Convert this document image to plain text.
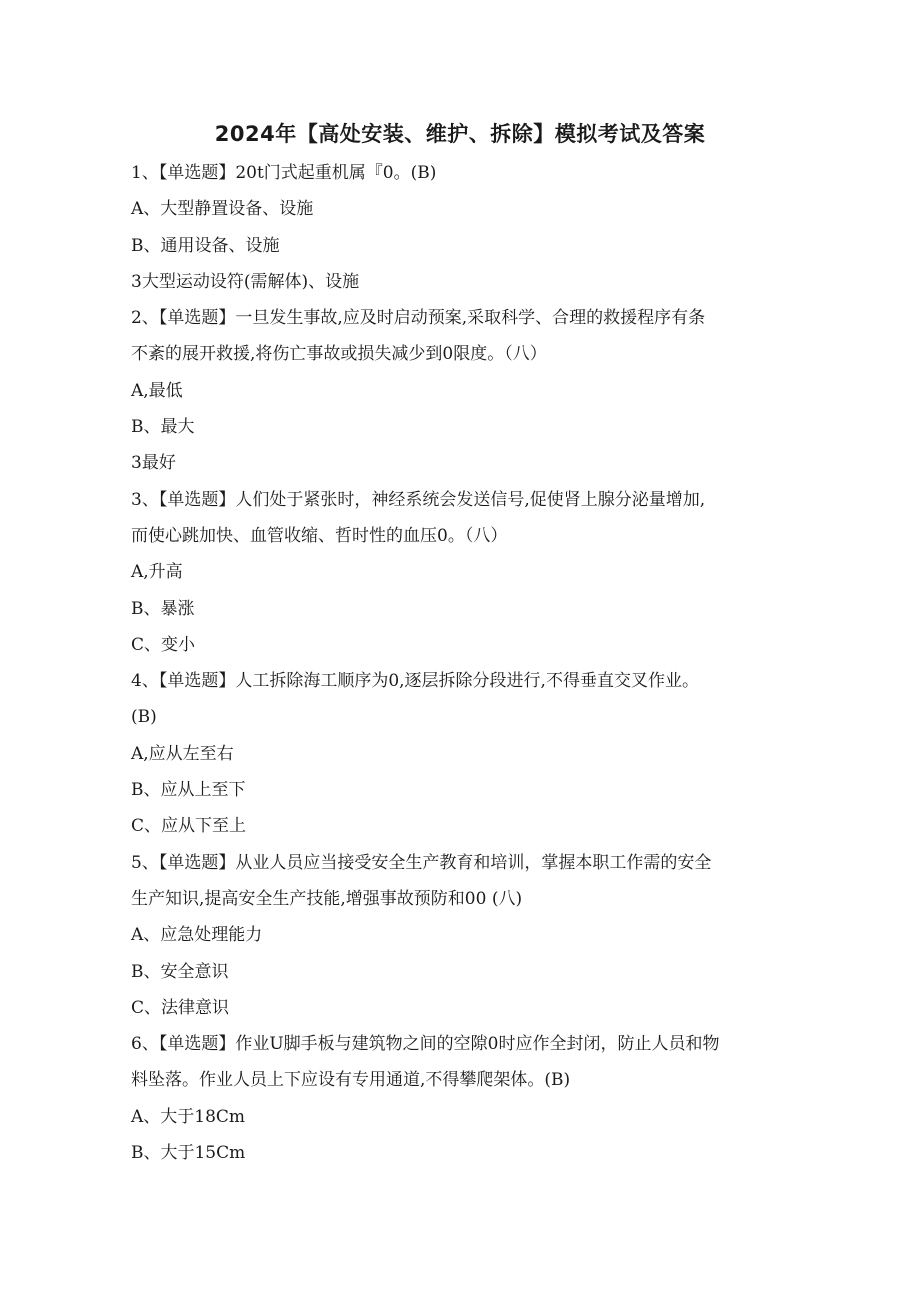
2024年【高处安装、维护、拆除】模拟考试及答案

1、【单选题】20t门式起重机属『0。(B)

A、大型静置设备、设施

B、通用设备、设施

3大型运动设符(需解体)、设施

2、【单选题】一旦发生事故,应及时启动预案,采取科学、合理的救援程序有条

不紊的展开救援,将伤亡事故或损失减少到0限度。（八）

A,最低

B、最大

3最好

3、【单选题】人们处于紧张时，神经系统会发送信号,促使肾上腺分泌量增加,

而使心跳加快、血管收缩、哲时性的血压0。（八）

A,升高

B、暴涨

C、变小

4、【单选题】人工拆除海工顺序为0,逐层拆除分段进行,不得垂直交叉作业。

(B)

A,应从左至右

B、应从上至下

C、应从下至上

5、【单选题】从业人员应当接受安全生产教育和培训，掌握本职工作需的安全

生产知识,提高安全生产技能,增强事故预防和00 (八)

A、应急处理能力

B、安全意识

C、法律意识

6、【单选题】作业U脚手板与建筑物之间的空隙0时应作全封闭，防止人员和物

料坠落。作业人员上下应设有专用通道,不得攀爬架体。(B)

A、大于18Cm

B、大于15Cm
